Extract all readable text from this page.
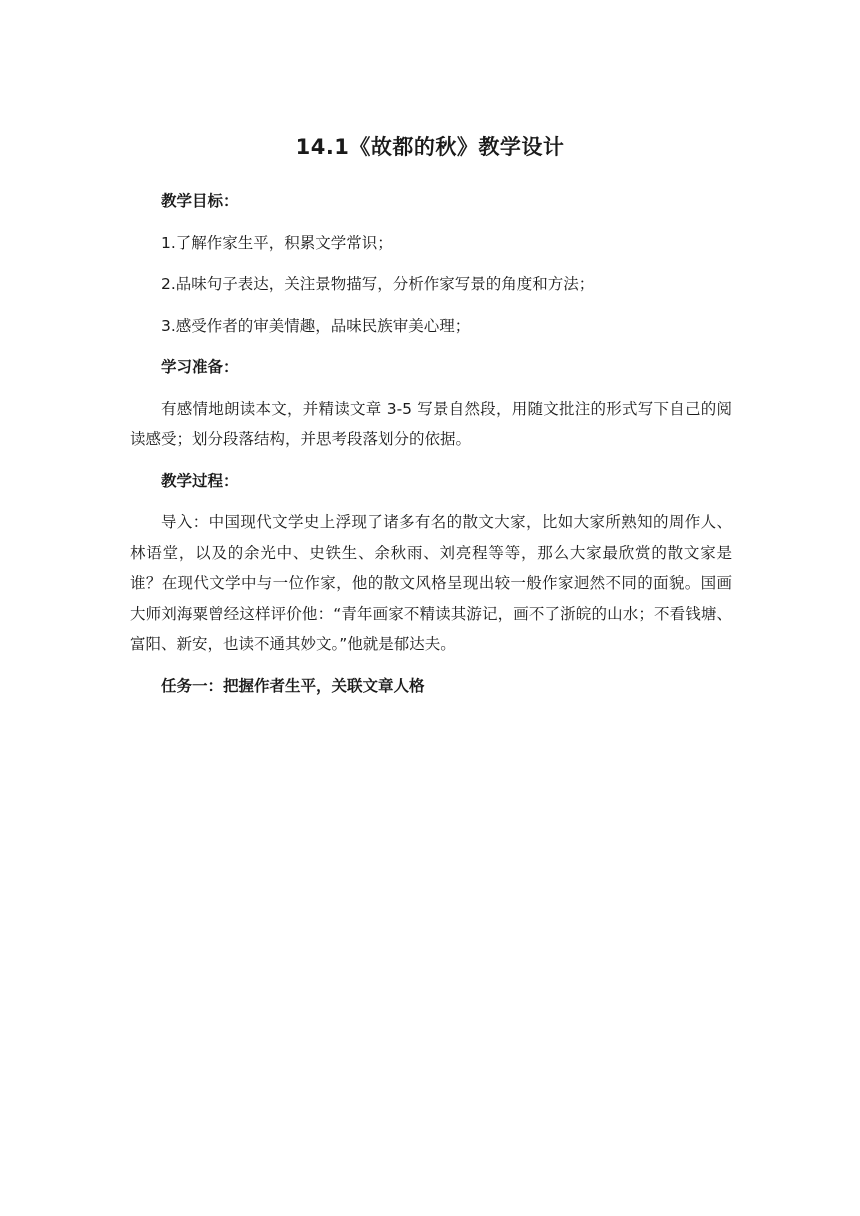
14.1《故都的秋》教学设计

教学目标：

1.了解作家生平，积累文学常识；

2.品味句子表达，关注景物描写，分析作家写景的角度和方法；

3.感受作者的审美情趣，品味民族审美心理；

学习准备：

有感情地朗读本文，并精读文章 3-5 写景自然段，用随文批注的形式写下自己的阅读感受；划分段落结构，并思考段落划分的依据。

教学过程：

导入：中国现代文学史上浮现了诸多有名的散文大家，比如大家所熟知的周作人、林语堂，以及的余光中、史铁生、余秋雨、刘亮程等等，那么大家最欣赏的散文家是谁？在现代文学中与一位作家，他的散文风格呈现出较一般作家迥然不同的面貌。国画大师刘海粟曾经这样评价他：“青年画家不精读其游记，画不了浙皖的山水；不看钱塘、富阳、新安，也读不通其妙文。”他就是郁达夫。

任务一：把握作者生平，关联文章人格
